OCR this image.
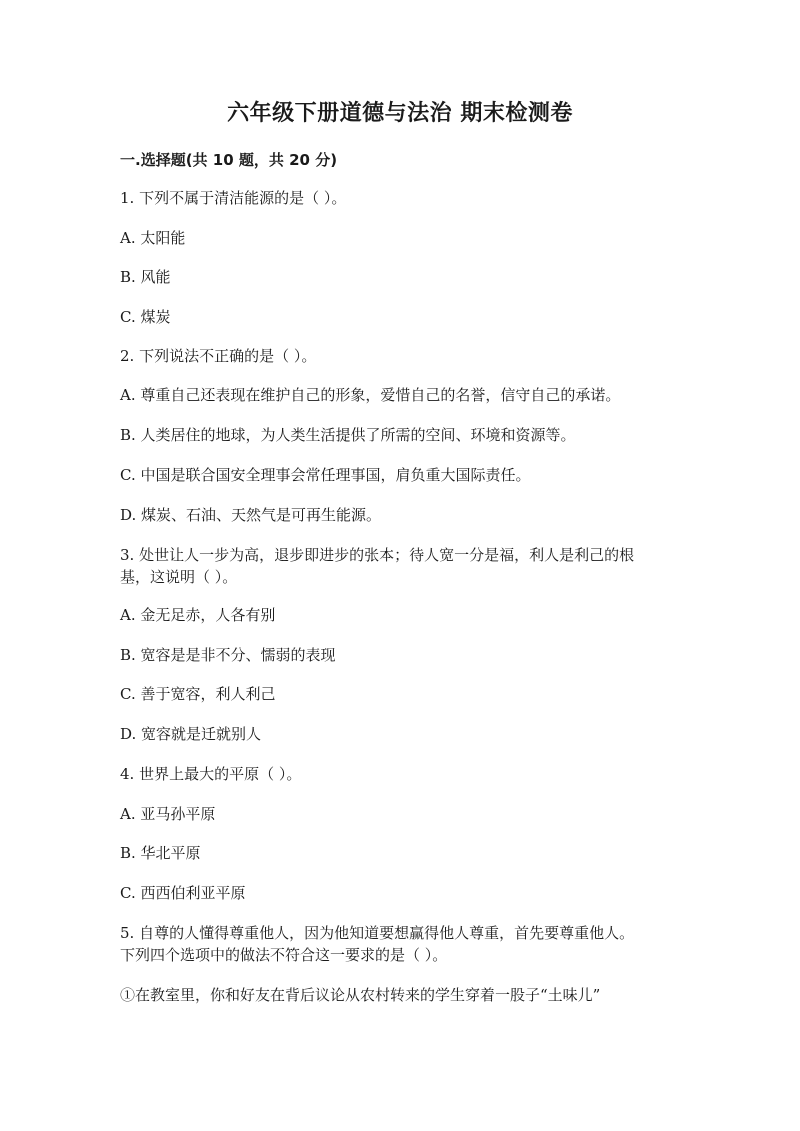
六年级下册道德与法治 期末检测卷
一.选择题(共 10 题，共 20 分)
1. 下列不属于清洁能源的是（ ）。
A. 太阳能
B. 风能
C. 煤炭
2. 下列说法不正确的是（ ）。
A. 尊重自己还表现在维护自己的形象，爱惜自己的名誉，信守自己的承诺。
B. 人类居住的地球，为人类生活提供了所需的空间、环境和资源等。
C. 中国是联合国安全理事会常任理事国，肩负重大国际责任。
D. 煤炭、石油、天然气是可再生能源。
3. 处世让人一步为高，退步即进步的张本；待人宽一分是福，利人是利己的根
基，这说明（ ）。
A. 金无足赤，人各有别
B. 宽容是是非不分、懦弱的表现
C. 善于宽容，利人利己
D. 宽容就是迁就别人
4. 世界上最大的平原（ ）。
A. 亚马孙平原
B. 华北平原
C. 西西伯利亚平原
5. 自尊的人懂得尊重他人，因为他知道要想赢得他人尊重，首先要尊重他人。
下列四个选项中的做法不符合这一要求的是（ ）。
①在教室里，你和好友在背后议论从农村转来的学生穿着一股子“土味儿”
